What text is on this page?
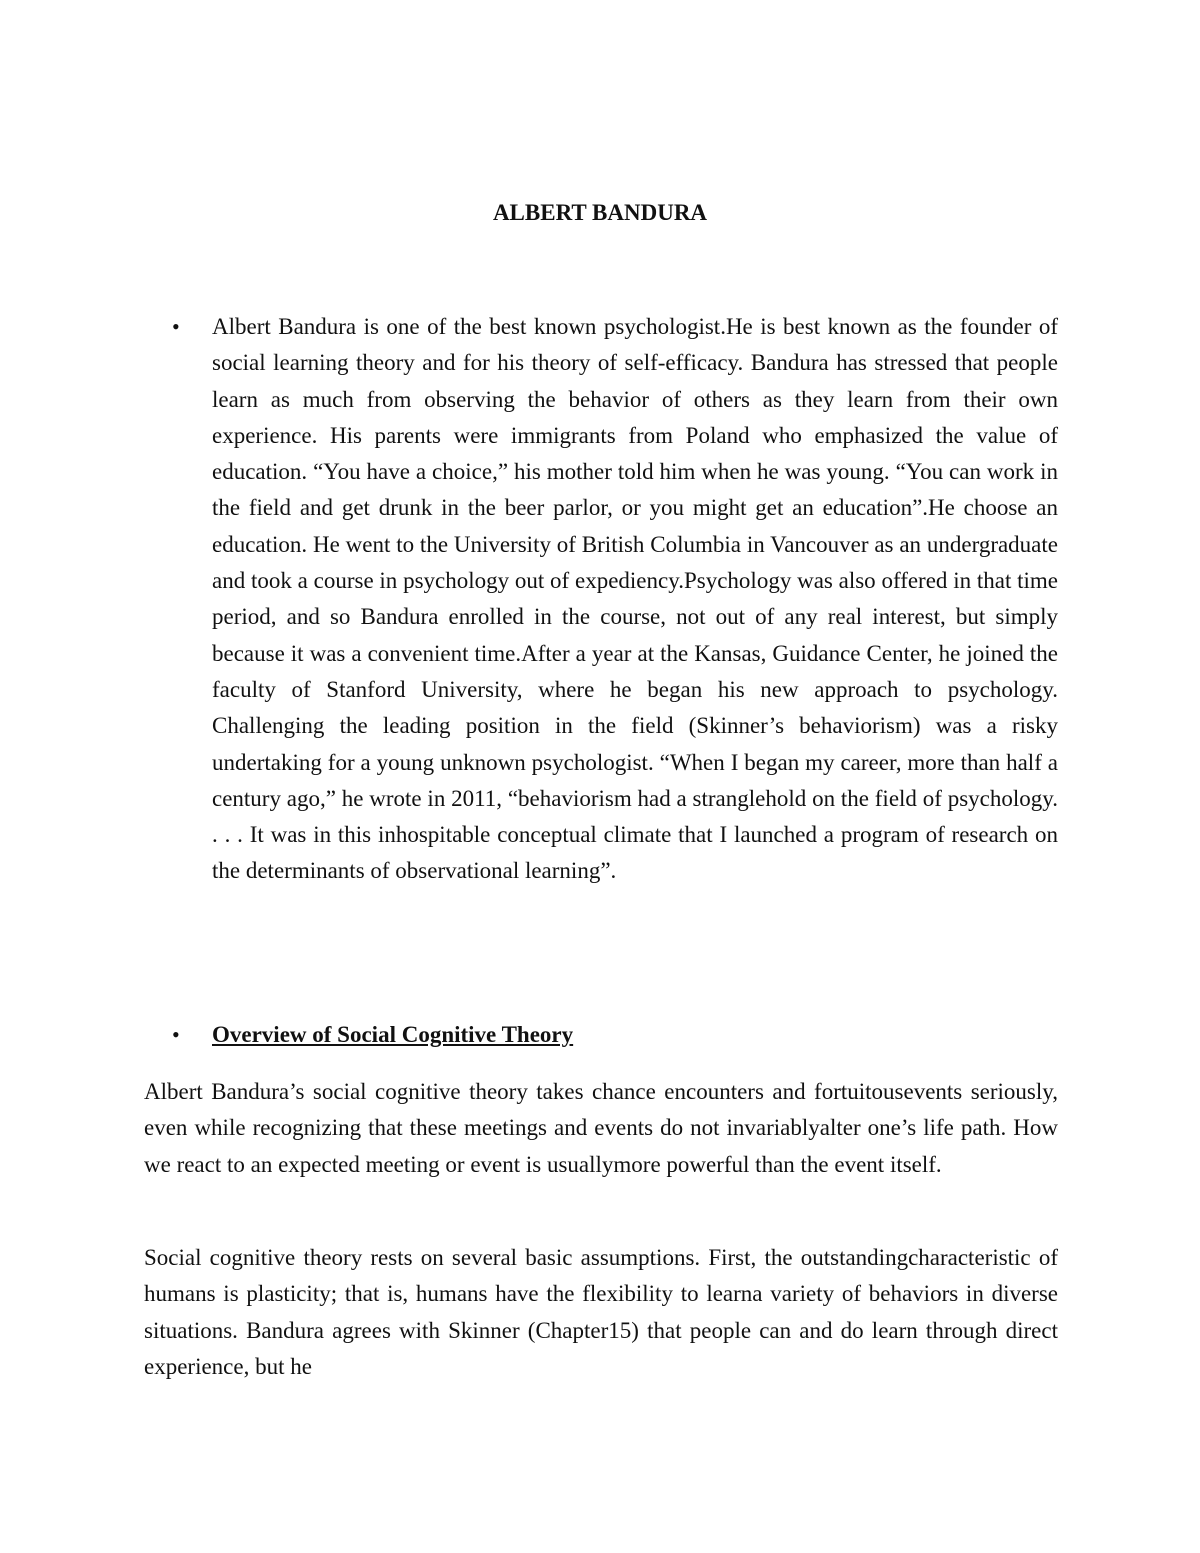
ALBERT BANDURA
• Albert Bandura is one of the best known psychologist.He is best known as the founder of social learning theory and for his theory of self-efficacy. Bandura has stressed that people learn as much from observing the behavior of others as they learn from their own experience. His parents were immigrants from Poland who emphasized the value of education. “You have a choice,” his mother told him when he was young. “You can work in the field and get drunk in the beer parlor, or you might get an education”.He choose an education. He went to the University of British Columbia in Vancouver as an undergraduate and took a course in psychology out of expediency.Psychology was also offered in that time period, and so Bandura enrolled in the course, not out of any real interest, but simply because it was a convenient time.After a year at the Kansas, Guidance Center, he joined the faculty of Stanford University, where he began his new approach to psychology. Challenging the leading position in the field (Skinner’s behaviorism) was a risky undertaking for a young unknown psychologist. “When I began my career, more than half a century ago,” he wrote in 2011, “behaviorism had a stranglehold on the field of psychology. . . . It was in this inhospitable conceptual climate that I launched a program of research on the determinants of observational learning”.
• Overview of Social Cognitive Theory

Albert Bandura’s social cognitive theory takes chance encounters and fortuitousevents seriously, even while recognizing that these meetings and events do not invariablyalter one’s life path. How we react to an expected meeting or event is usuallymore powerful than the event itself.

Social cognitive theory rests on several basic assumptions. First, the outstandingcharacteristic of humans is plasticity; that is, humans have the flexibility to learna variety of behaviors in diverse situations. Bandura agrees with Skinner (Chapter15) that people can and do learn through direct experience, but he
